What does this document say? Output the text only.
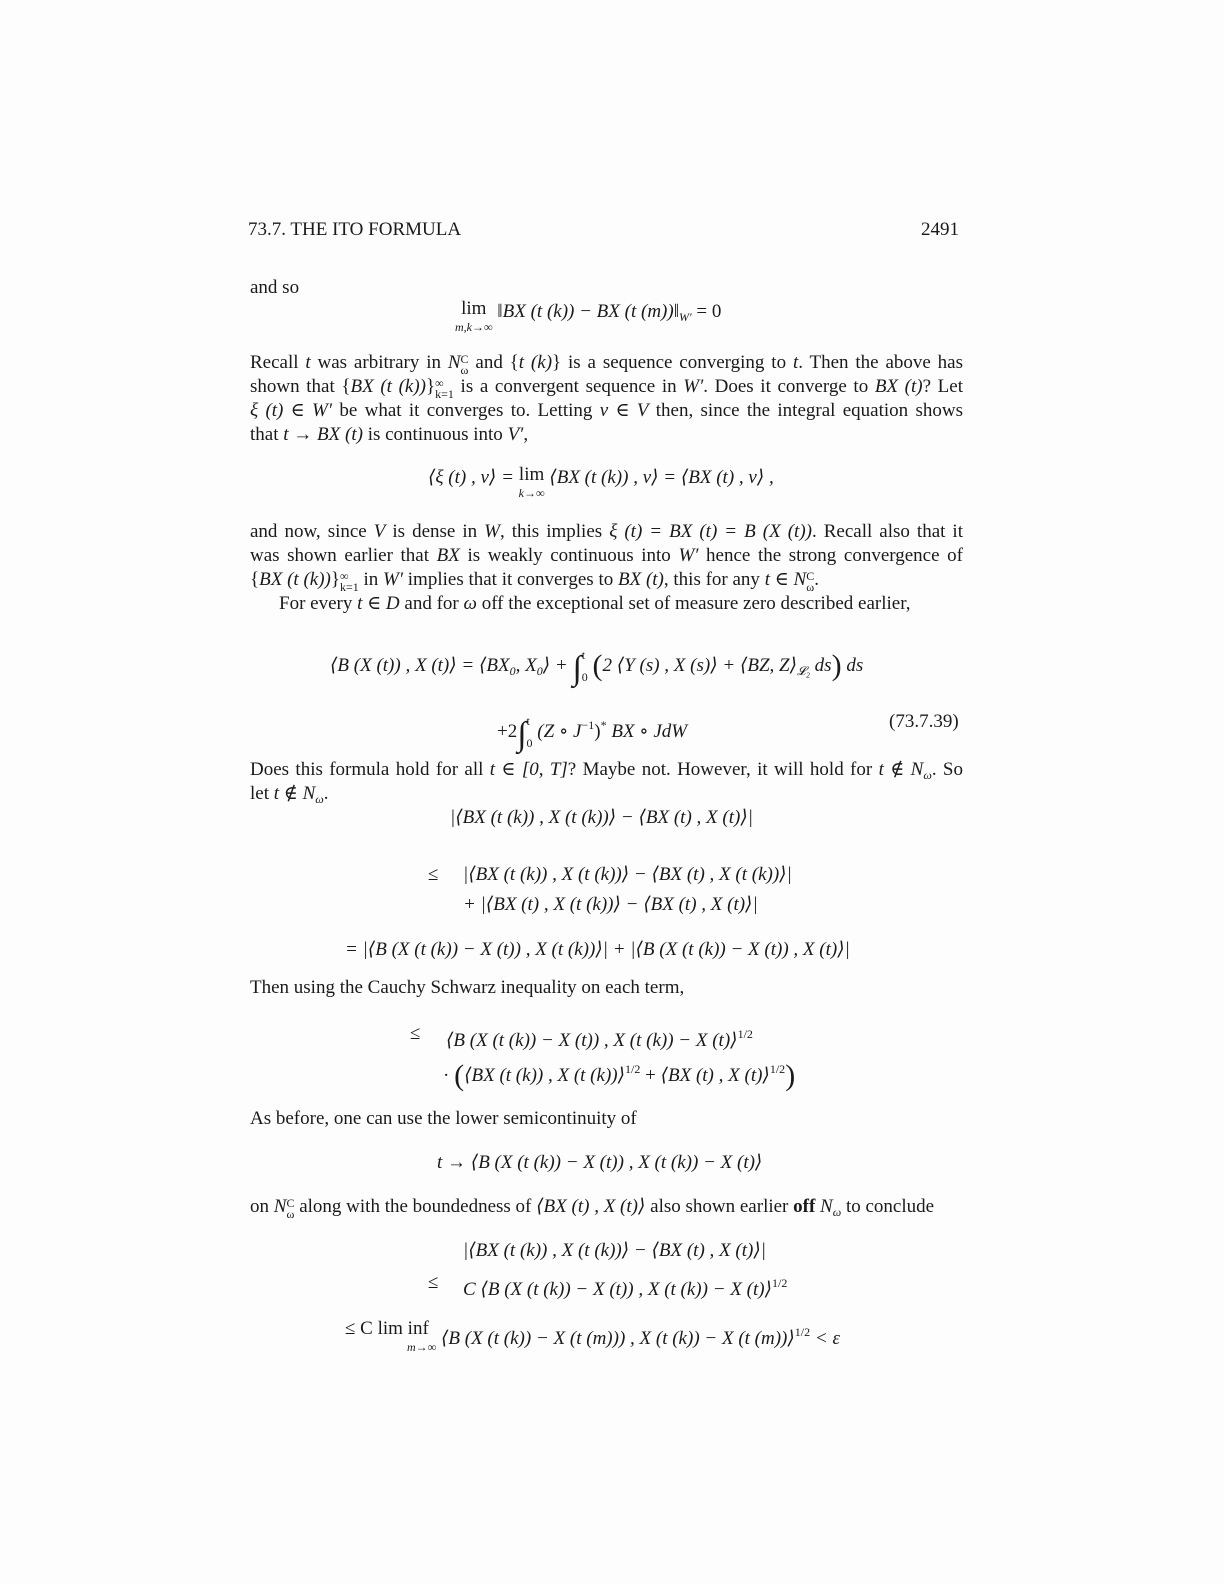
73.7. THE ITO FORMULA	2491
and so
lim
m,k→∞
‖BX (t (k)) − BX (t $(m))‖_{W'} = 0$
Recall t was arbitrary in NC
ω and {t (k)} is a sequence converging to t. Then the above has
shown that {BX (t (k))}∞
k=1 is a convergent sequence in W′. Does it converge to BX (t)? Let
ξ (t) ∈ W′ be what it converges to. Letting v ∈ V then, since the integral equation shows
that t → BX (t) is continuous into V′,
⟨ξ (t) , v⟩ = lim
k→∞
⟨BX (t (k)) , v⟩ = ⟨BX (t) , v⟩ ,
and now, since V is dense in W, this implies ξ (t) = BX (t) = B (X (t)). Recall also that it
was shown earlier that BX is weakly continuous into W′ hence the strong convergence of
{BX (t (k))}∞
k=1 in W′ implies that it converges to BX (t), this for any t ∈ NC
ω.
For every t ∈ D and for ω off the exceptional set of measure zero described earlier,
⟨B (X (t)) , X (t)⟩ = $⟨BX_0$, $X_0⟩ + \int t$
0 (2 ⟨Y (s) , X (s)⟩ + ⟨BZ, $Z⟩_{𝓛_2}$ ds) ds
+2∫t
0 (Z ∘ $J^{-1})^*$ BX ∘ JdW	(73.7.39)
Does this formula hold for all t ∈ [0, T]? Maybe not. However, it will hold for t ∉ $N_\omega$. So
let t ∉ $N_\omega$.
|⟨BX (t (k)) , X (t (k))⟩ − ⟨BX (t) , X (t)⟩|
≤ |⟨BX (t (k)) , X (t (k))⟩ − ⟨BX (t) , X (t (k))⟩|
+ |⟨BX (t) , X (t (k))⟩ − ⟨BX (t) , X (t)⟩|
= |⟨B (X (t (k)) − X (t)) , X (t (k))⟩| + |⟨B (X (t (k)) − X (t)) , X (t)⟩|
Then using the Cauchy Schwarz inequality on each term,
≤ ⟨B (X (t (k)) − X (t)) , X (t (k)) − X (t)⟩$^{1/2}$
· (⟨BX (t (k)) , X (t (k))⟩$^{1/2}$ + ⟨BX (t) , X (t)⟩$^{1/2}$)
As before, one can use the lower semicontinuity of
t → ⟨B (X (t (k)) − X (t)) , X (t (k)) − X (t)⟩
on NC
ω along with the boundedness of ⟨BX (t) , X (t)⟩ also shown earlier off $N_\omega$ to conclude
|⟨BX (t (k)) , X (t (k))⟩ − ⟨BX (t) , X (t)⟩|
≤ C ⟨B (X (t (k)) − X (t)) , X (t (k)) − X (t)⟩$^{1/2}$
≤ C lim inf
m→∞ ⟨B (X (t (k)) − X (t (m))) , X (t (k)) − X (t (m))⟩$^{1/2}$ < ε
